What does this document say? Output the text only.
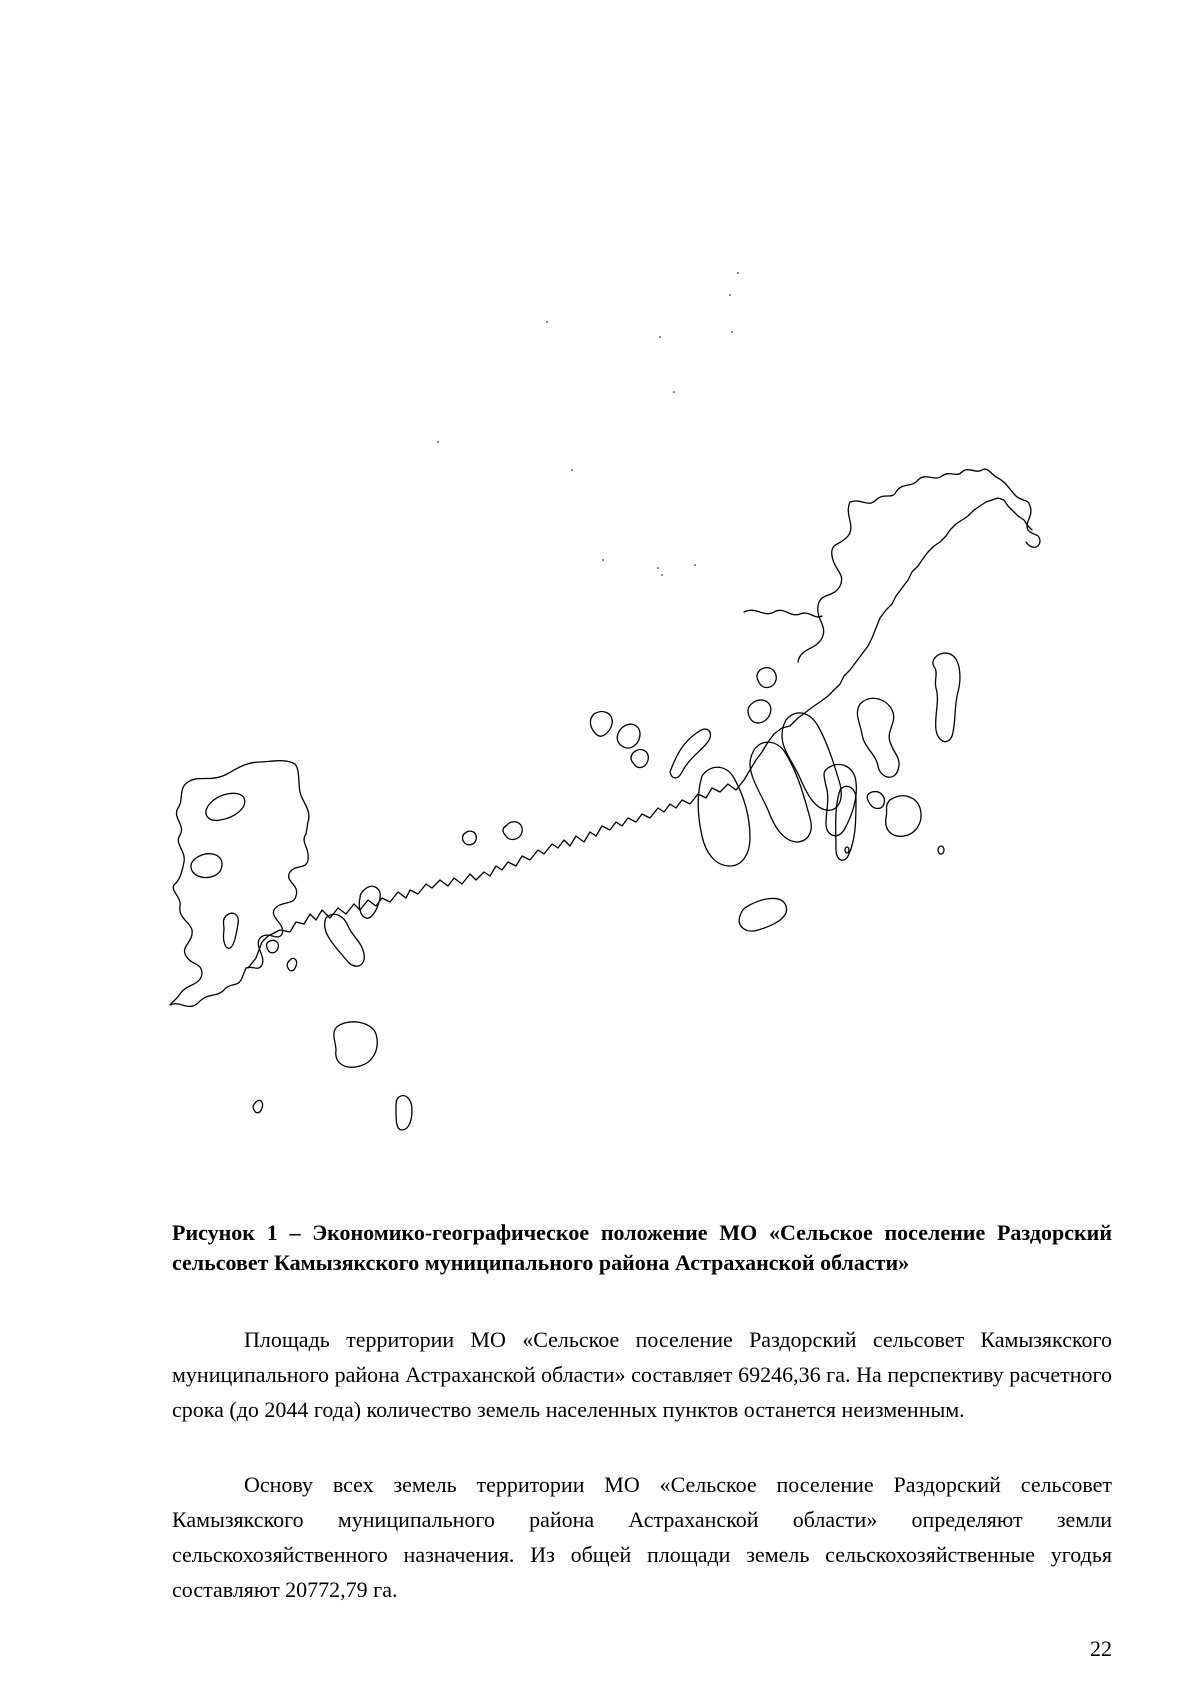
Рисунок 1 – Экономико-географическое положение МО «Сельское поселение Раздорский сельсовет Камызякского муниципального района Астраханской области»

Площадь территории МО «Сельское поселение Раздорский сельсовет Камызякского муниципального района Астраханской области» составляет 69246,36 га. На перспективу расчетного срока (до 2044 года) количество земель населенных пунктов останется неизменным.

Основу всех земель территории МО «Сельское поселение Раздорский сельсовет Камызякского муниципального района Астраханской области» определяют земли сельскохозяйственного назначения. Из общей площади земель сельскохозяйственные угодья составляют 20772,79 га.

22
